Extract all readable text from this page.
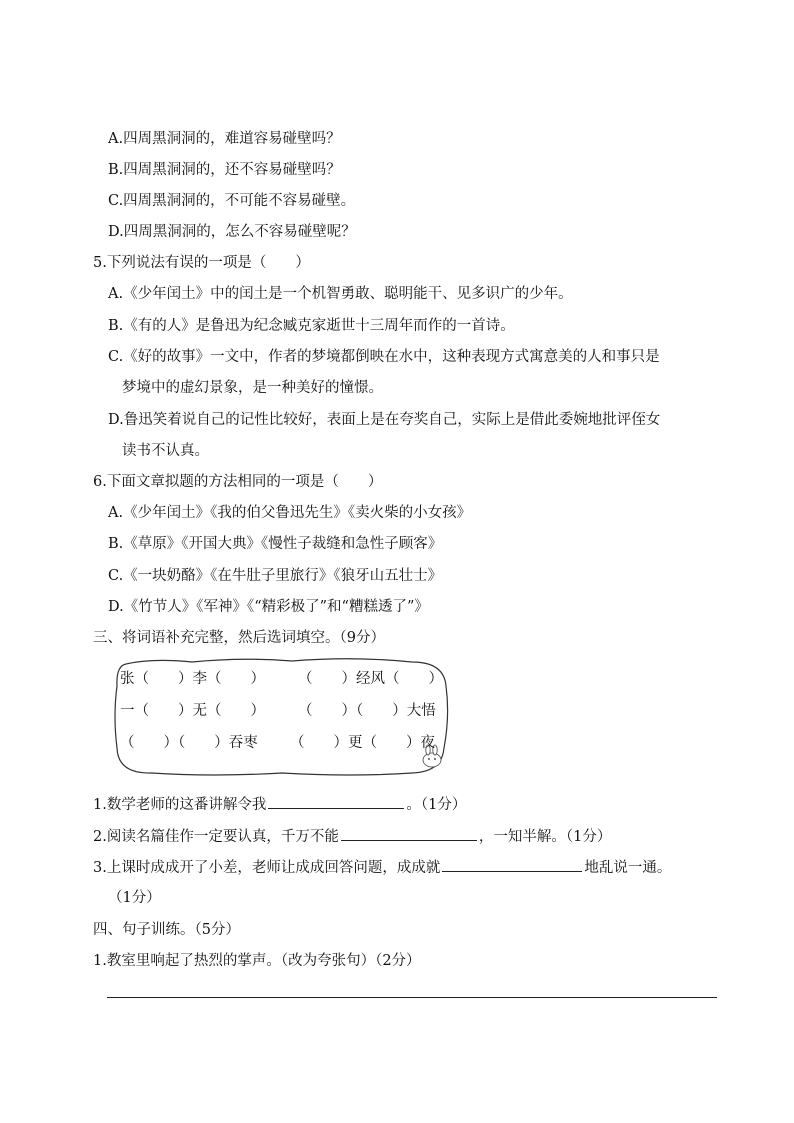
A.四周黑洞洞的，难道容易碰壁吗？
B.四周黑洞洞的，还不容易碰壁吗？
C.四周黑洞洞的，不可能不容易碰壁。
D.四周黑洞洞的，怎么不容易碰壁呢？
5.下列说法有误的一项是（　　）
A.《少年闰土》中的闰土是一个机智勇敢、聪明能干、见多识广的少年。
B.《有的人》是鲁迅为纪念臧克家逝世十三周年而作的一首诗。
C.《好的故事》一文中，作者的梦境都倒映在水中，这种表现方式寓意美的人和事只是
梦境中的虚幻景象，是一种美好的憧憬。
D.鲁迅笑着说自己的记性比较好，表面上是在夸奖自己，实际上是借此委婉地批评侄女
读书不认真。
6.下面文章拟题的方法相同的一项是（　　）
A.《少年闰土》《我的伯父鲁迅先生》《卖火柴的小女孩》
B.《草原》《开国大典》《慢性子裁缝和急性子顾客》
C.《一块奶酪》《在牛肚子里旅行》《狼牙山五壮士》
D.《竹节人》《军神》《“精彩极了”和“糟糕透了”》
三、将词语补充完整，然后选词填空。（9分）
张（　　）李（　　） （　　）经风（　　）
一（　　）无（　　） （　　）（　　）大悟
（　　）（　　）吞枣 （　　）更（　　）夜
1.数学老师的这番讲解令我	。（1分）
2.阅读名篇佳作一定要认真，千万不能	，一知半解。（1分）
3.上课时成成开了小差，老师让成成回答问题，成成就	地乱说一通。
（1分）
四、句子训练。（5分）
1.教室里响起了热烈的掌声。（改为夸张句）（2分）
